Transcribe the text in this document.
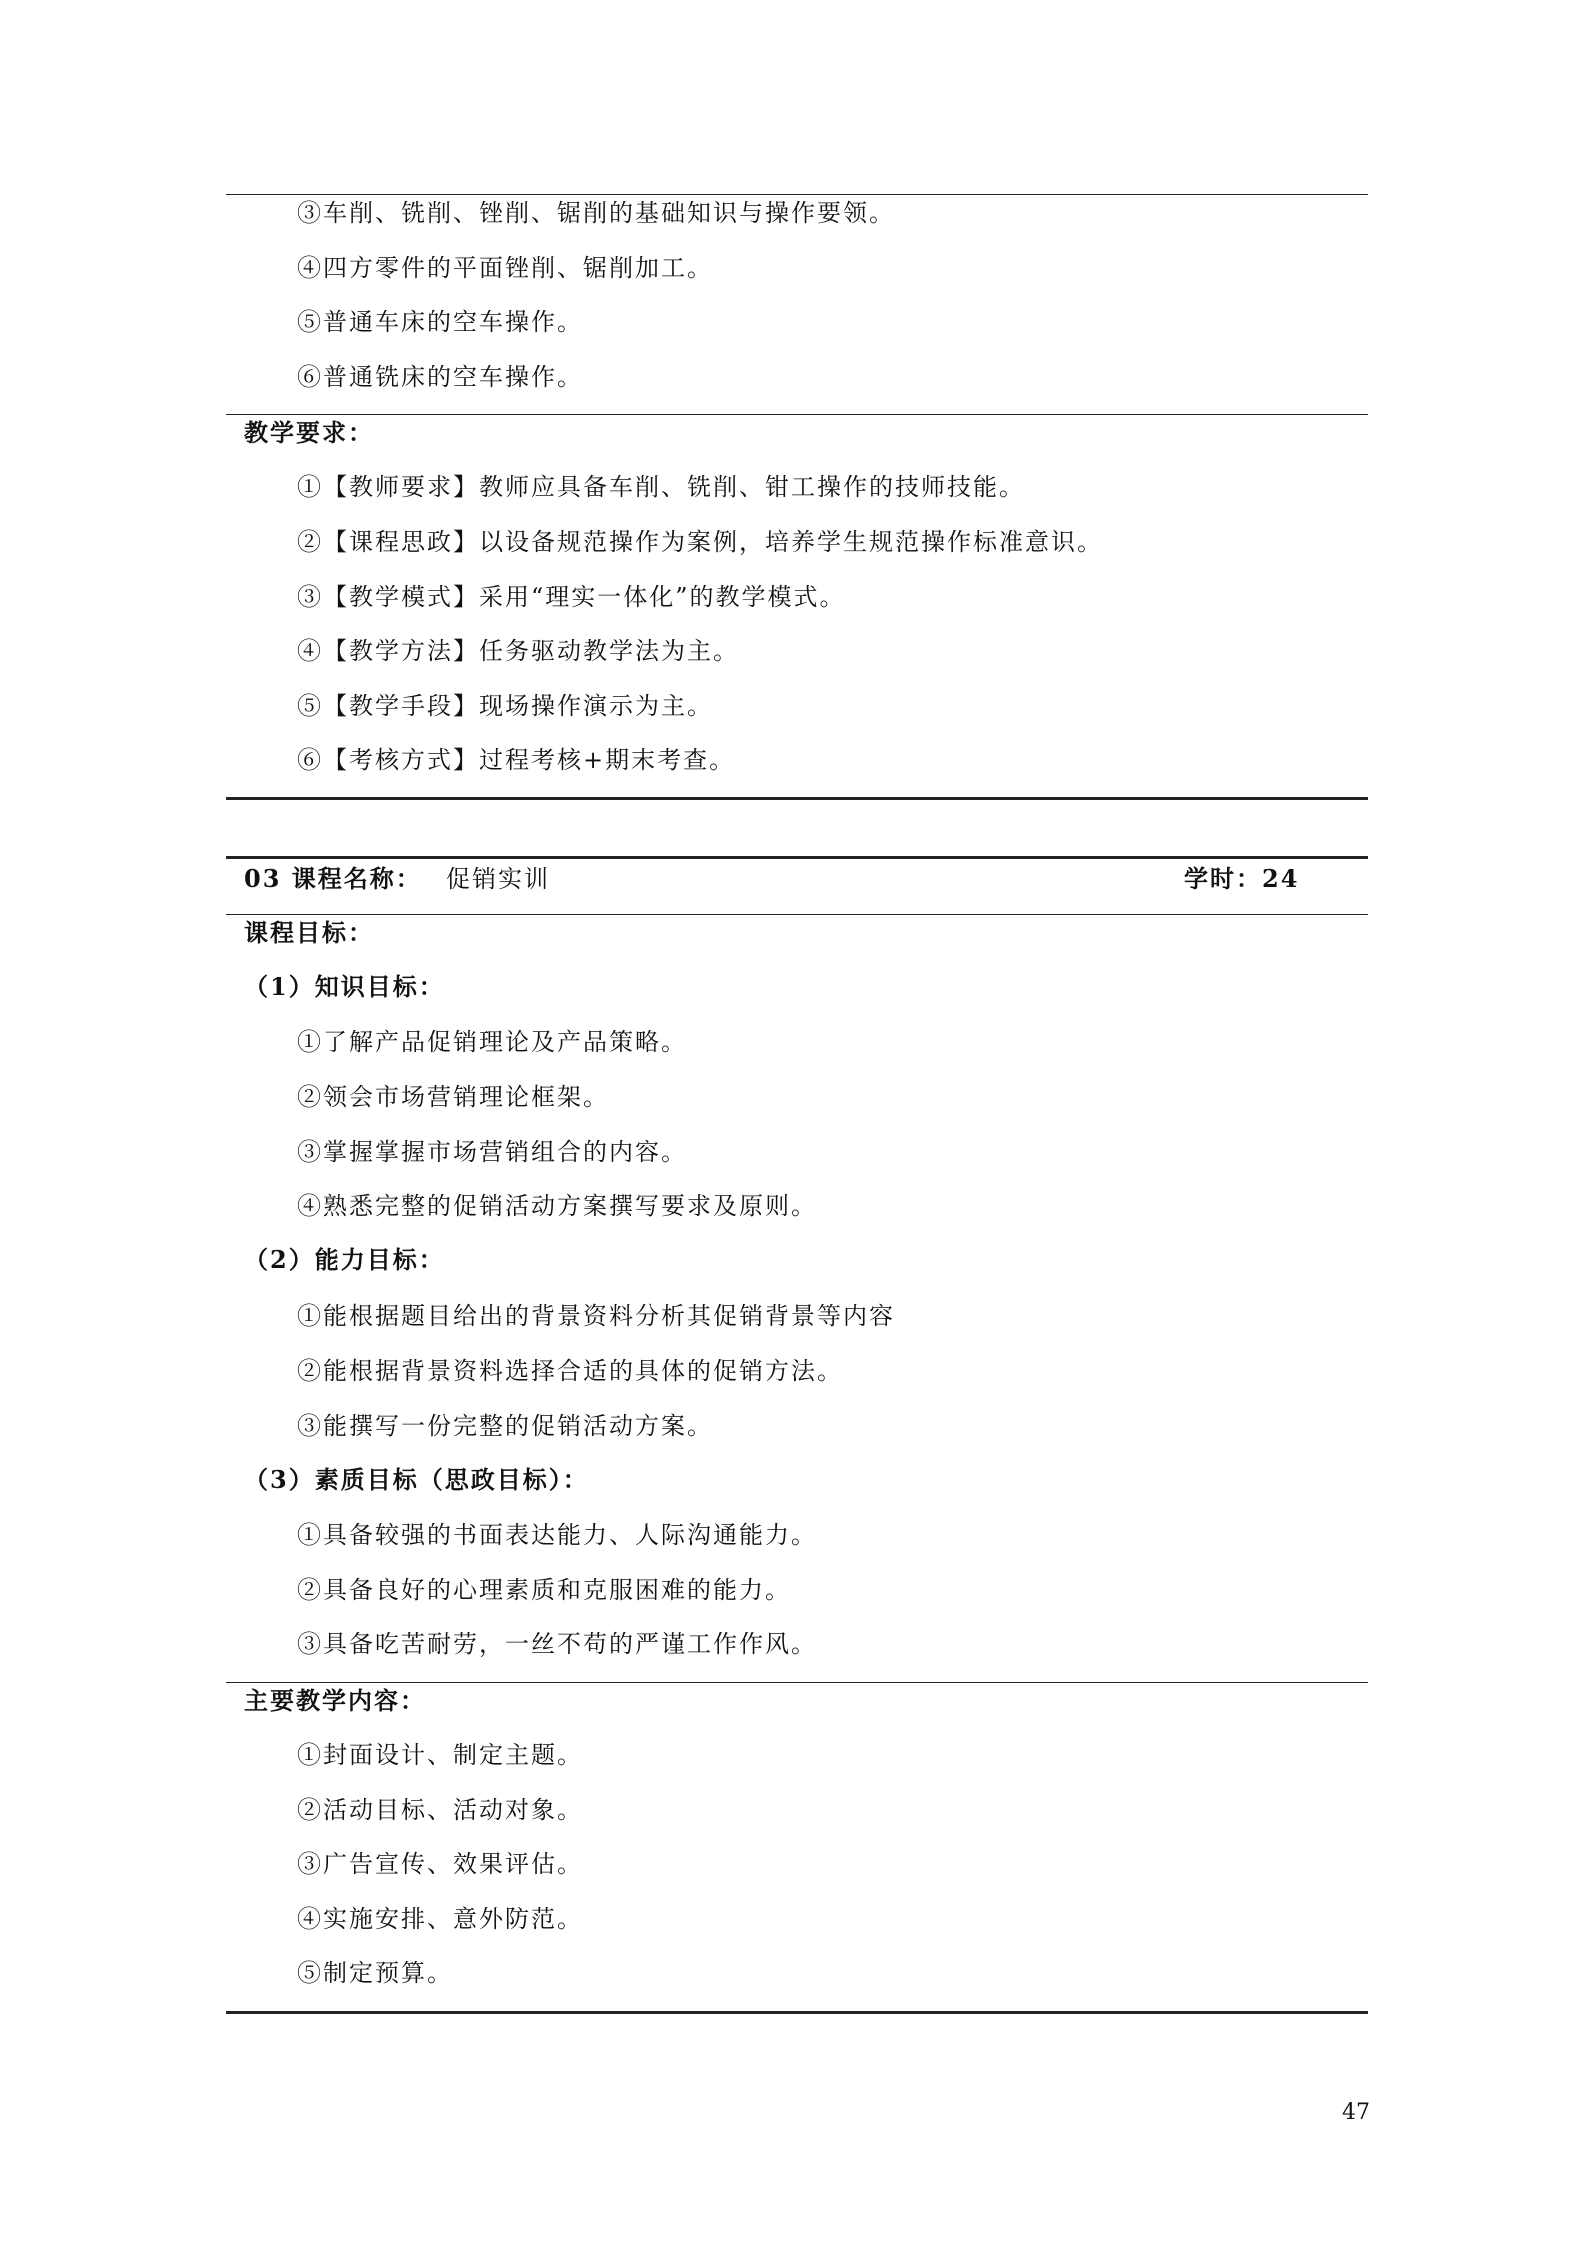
③车削、铣削、锉削、锯削的基础知识与操作要领。
④四方零件的平面锉削、锯削加工。
⑤普通车床的空车操作。
⑥普通铣床的空车操作。
教学要求：
①【教师要求】教师应具备车削、铣削、钳工操作的技师技能。
②【课程思政】以设备规范操作为案例，培养学生规范操作标准意识。
③【教学模式】采用“理实一体化”的教学模式。
④【教学方法】任务驱动教学法为主。
⑤【教学手段】现场操作演示为主。
⑥【考核方式】过程考核+期末考查。
03 课程名称： 促销实训	学时：24
课程目标：
（1）知识目标：
①了解产品促销理论及产品策略。
②领会市场营销理论框架。
③掌握掌握市场营销组合的内容。
④熟悉完整的促销活动方案撰写要求及原则。
（2）能力目标：
①能根据题目给出的背景资料分析其促销背景等内容
②能根据背景资料选择合适的具体的促销方法。
③能撰写一份完整的促销活动方案。
（3）素质目标（思政目标）：
①具备较强的书面表达能力、人际沟通能力。
②具备良好的心理素质和克服困难的能力。
③具备吃苦耐劳，一丝不苟的严谨工作作风。
主要教学内容：
①封面设计、制定主题。
②活动目标、活动对象。
③广告宣传、效果评估。
④实施安排、意外防范。
⑤制定预算。
47
